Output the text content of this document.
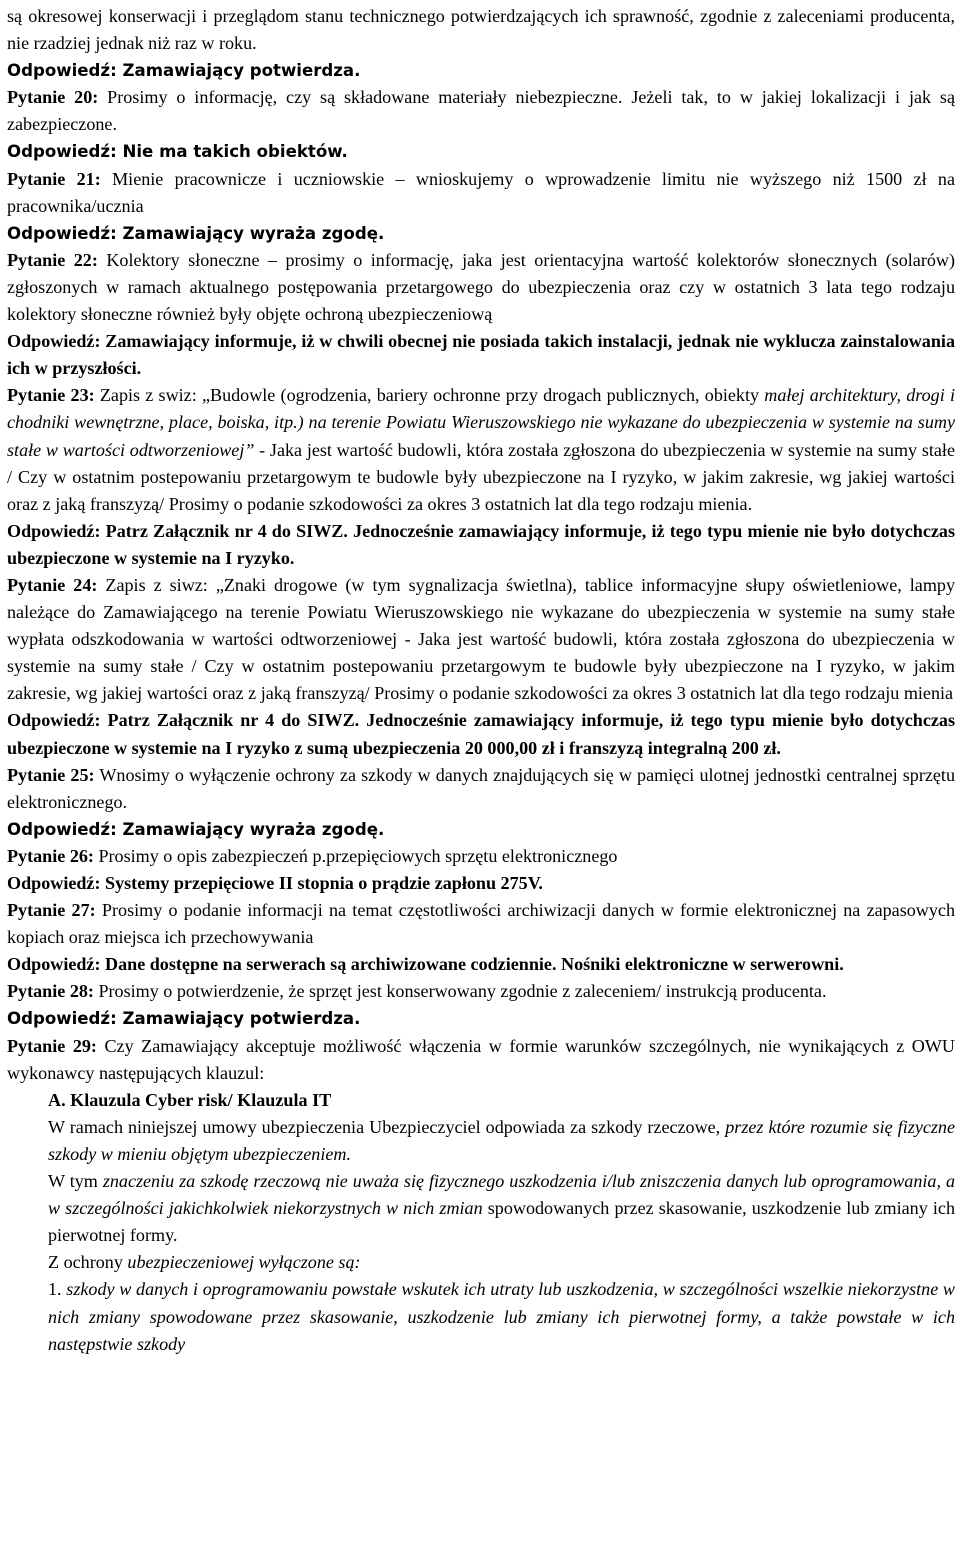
są okresowej konserwacji i przeglądom stanu technicznego potwierdzających ich sprawność, zgodnie z zaleceniami producenta, nie rzadziej jednak niż raz w roku.

Odpowiedź: Zamawiający potwierdza.

Pytanie 20: Prosimy o informację, czy są składowane materiały niebezpieczne. Jeżeli tak, to w jakiej lokalizacji i jak są zabezpieczone.

Odpowiedź: Nie ma takich obiektów.

Pytanie 21: Mienie pracownicze i uczniowskie – wnioskujemy o wprowadzenie limitu nie wyższego niż 1500 zł na pracownika/ucznia

Odpowiedź: Zamawiający wyraża zgodę.

Pytanie 22: Kolektory słoneczne – prosimy o informację, jaka jest orientacyjna wartość kolektorów słonecznych (solarów) zgłoszonych w ramach aktualnego postępowania przetargowego do ubezpieczenia oraz czy w ostatnich 3 lata tego rodzaju kolektory słoneczne również były objęte ochroną ubezpieczeniową

Odpowiedź: Zamawiający informuje, iż w chwili obecnej nie posiada takich instalacji, jednak nie wyklucza zainstalowania ich w przyszłości.

Pytanie 23: Zapis z swiz: „Budowle (ogrodzenia, bariery ochronne przy drogach publicznych, obiekty małej architektury, drogi i chodniki wewnętrzne, place, boiska, itp.) na terenie Powiatu Wieruszowskiego nie wykazane do ubezpieczenia w systemie na sumy stałe w wartości odtworzeniowej” - Jaka jest wartość budowli, która została zgłoszona do ubezpieczenia w systemie na sumy stałe / Czy w ostatnim postepowaniu przetargowym te budowle były ubezpieczone na I ryzyko, w jakim zakresie, wg jakiej wartości oraz z jaką franszyzą/ Prosimy o podanie szkodowości za okres 3 ostatnich lat dla tego rodzaju mienia.

Odpowiedź: Patrz Załącznik nr 4 do SIWZ. Jednocześnie zamawiający informuje, iż tego typu mienie nie było dotychczas ubezpieczone w systemie na I ryzyko.

Pytanie 24: Zapis z siwz: „Znaki drogowe (w tym sygnalizacja świetlna), tablice informacyjne słupy oświetleniowe, lampy należące do Zamawiającego na terenie Powiatu Wieruszowskiego nie wykazane do ubezpieczenia w systemie na sumy stałe wypłata odszkodowania w wartości odtworzeniowej - Jaka jest wartość budowli, która została zgłoszona do ubezpieczenia w systemie na sumy stałe / Czy w ostatnim postepowaniu przetargowym te budowle były ubezpieczone na I ryzyko, w jakim zakresie, wg jakiej wartości oraz z jaką franszyzą/ Prosimy o podanie szkodowości za okres 3 ostatnich lat dla tego rodzaju mienia

Odpowiedź: Patrz Załącznik nr 4 do SIWZ. Jednocześnie zamawiający informuje, iż tego typu mienie było dotychczas ubezpieczone w systemie na I ryzyko z sumą ubezpieczenia 20 000,00 zł i franszyzą integralną 200 zł.

Pytanie 25: Wnosimy o wyłączenie ochrony za szkody w danych znajdujących się w pamięci ulotnej jednostki centralnej sprzętu elektronicznego.

Odpowiedź: Zamawiający wyraża zgodę.

Pytanie 26: Prosimy o opis zabezpieczeń p.przepięciowych sprzętu elektronicznego

Odpowiedź: Systemy przepięciowe II stopnia o prądzie zapłonu 275V.

Pytanie 27: Prosimy o podanie informacji na temat częstotliwości archiwizacji danych w formie elektronicznej na zapasowych kopiach oraz miejsca ich przechowywania

Odpowiedź: Dane dostępne na serwerach są archiwizowane codziennie. Nośniki elektroniczne w serwerowni.

Pytanie 28: Prosimy o potwierdzenie, że sprzęt jest konserwowany zgodnie z zaleceniem/ instrukcją producenta.

Odpowiedź: Zamawiający potwierdza.

Pytanie 29: Czy Zamawiający akceptuje możliwość włączenia w formie warunków szczególnych, nie wynikających z OWU wykonawcy następujących klauzul:

A. Klauzula Cyber risk/ Klauzula IT

W ramach niniejszej umowy ubezpieczenia Ubezpieczyciel odpowiada za szkody rzeczowe, przez które rozumie się fizyczne szkody w mieniu objętym ubezpieczeniem.

W tym znaczeniu za szkodę rzeczową nie uważa się fizycznego uszkodzenia i/lub zniszczenia danych lub oprogramowania, a w szczególności jakichkolwiek niekorzystnych w nich zmian spowodowanych przez skasowanie, uszkodzenie lub zmiany ich pierwotnej formy.

Z ochrony ubezpieczeniowej wyłączone są:

1. szkody w danych i oprogramowaniu powstałe wskutek ich utraty lub uszkodzenia, w szczególności wszelkie niekorzystne w nich zmiany spowodowane przez skasowanie, uszkodzenie lub zmiany ich pierwotnej formy, a także powstałe w ich następstwie szkody
